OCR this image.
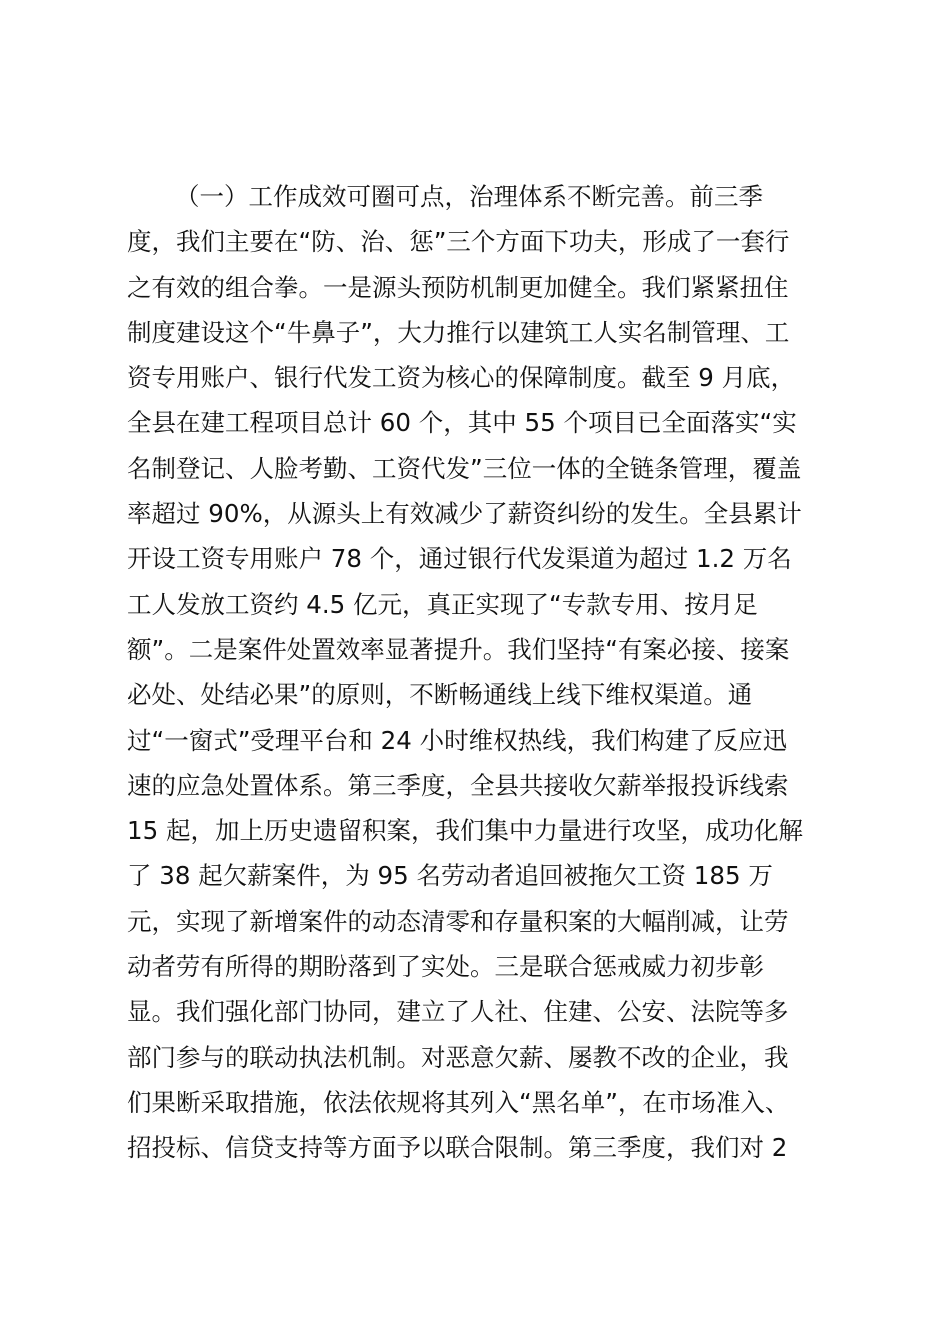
（一）工作成效可圈可点，治理体系不断完善。前三季
度，我们主要在“防、治、惩”三个方面下功夫，形成了一套行
之有效的组合拳。一是源头预防机制更加健全。我们紧紧扭住
制度建设这个“牛鼻子”，大力推行以建筑工人实名制管理、工
资专用账户、银行代发工资为核心的保障制度。截至 9 月底，
全县在建工程项目总计 60 个，其中 55 个项目已全面落实“实
名制登记、人脸考勤、工资代发”三位一体的全链条管理，覆盖
率超过 90%，从源头上有效减少了薪资纠纷的发生。全县累计
开设工资专用账户 78 个，通过银行代发渠道为超过 1.2 万名
工人发放工资约 4.5 亿元，真正实现了“专款专用、按月足
额”。二是案件处置效率显著提升。我们坚持“有案必接、接案
必处、处结必果”的原则，不断畅通线上线下维权渠道。通
过“一窗式”受理平台和 24 小时维权热线，我们构建了反应迅
速的应急处置体系。第三季度，全县共接收欠薪举报投诉线索
15 起，加上历史遗留积案，我们集中力量进行攻坚，成功化解
了 38 起欠薪案件，为 95 名劳动者追回被拖欠工资 185 万
元，实现了新增案件的动态清零和存量积案的大幅削减，让劳
动者劳有所得的期盼落到了实处。三是联合惩戒威力初步彰
显。我们强化部门协同，建立了人社、住建、公安、法院等多
部门参与的联动执法机制。对恶意欠薪、屡教不改的企业，我
们果断采取措施，依法依规将其列入“黑名单”，在市场准入、
招投标、信贷支持等方面予以联合限制。第三季度，我们对 2
